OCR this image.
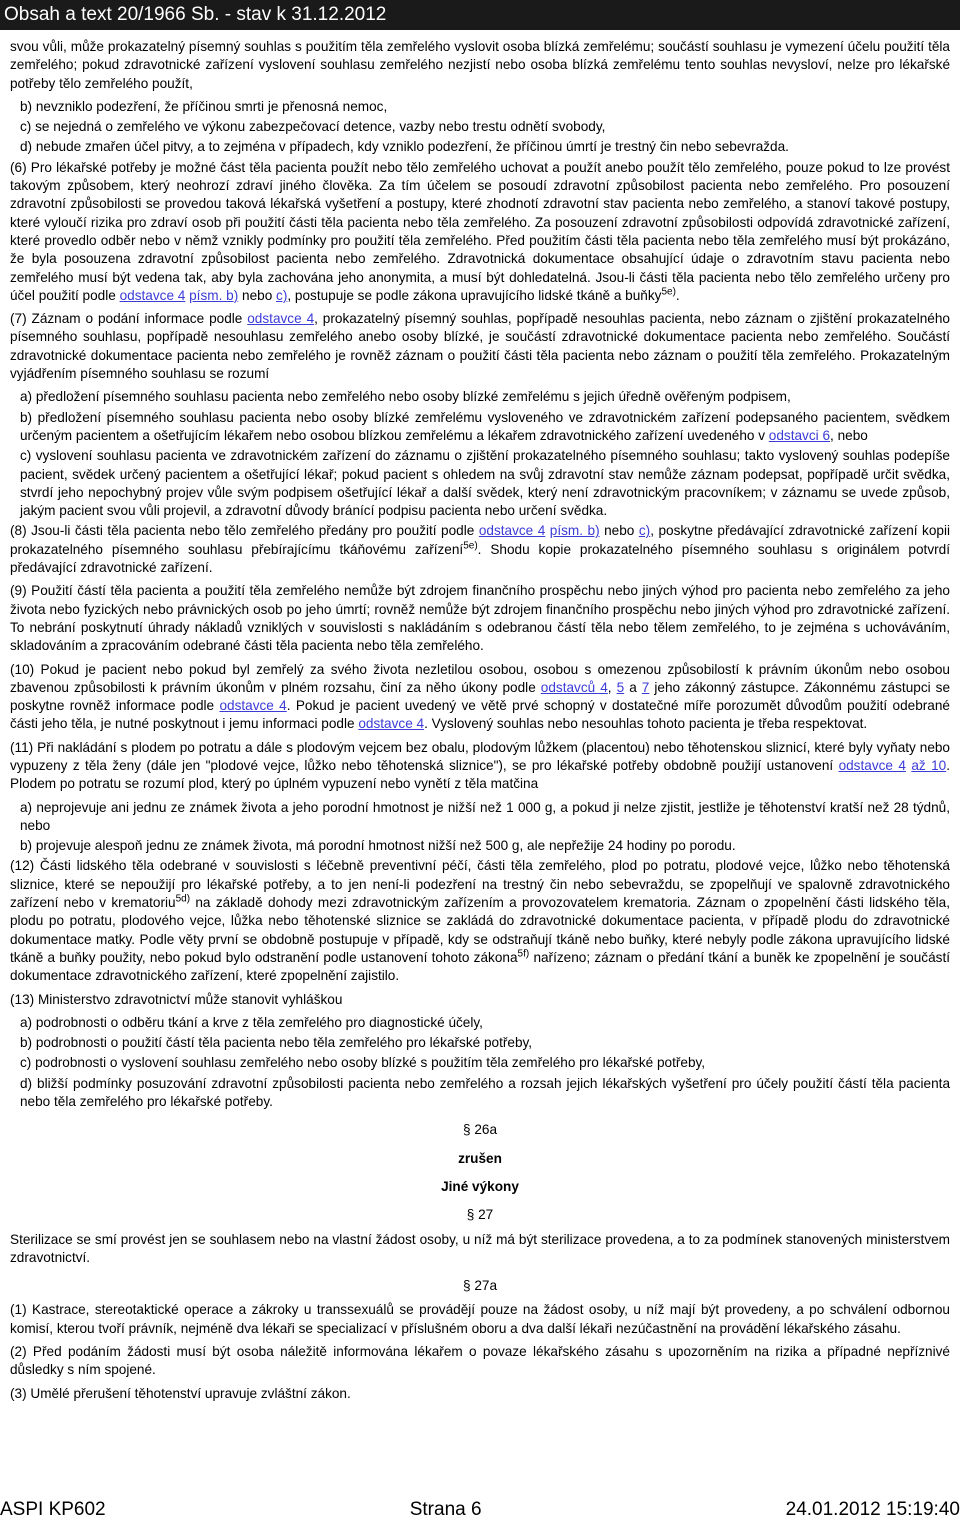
Obsah a text 20/1966 Sb. - stav k 31.12.2012

svou vůli, může prokazatelný písemný souhlas s použitím těla zemřelého vyslovit osoba blízká zemřelému; součástí souhlasu je vymezení účelu použití těla zemřelého; pokud zdravotnické zařízení vyslovení souhlasu zemřelého nezjistí nebo osoba blízká zemřelému tento souhlas nevysloví, nelze pro lékařské potřeby tělo zemřelého použít,

b) nevzniklo podezření, že příčinou smrti je přenosná nemoc,

c) se nejedná o zemřelého ve výkonu zabezpečovací detence, vazby nebo trestu odnětí svobody,

d) nebude zmařen účel pitvy, a to zejména v případech, kdy vzniklo podezření, že příčinou úmrtí je trestný čin nebo sebevražda.

(6) Pro lékařské potřeby je možné část těla pacienta použít nebo tělo zemřelého uchovat a použít anebo použít tělo zemřelého, pouze pokud to lze provést takovým způsobem, který neohrozí zdraví jiného člověka. Za tím účelem se posoudí zdravotní způsobilost pacienta nebo zemřelého. Pro posouzení zdravotní způsobilosti se provedou taková lékařská vyšetření a postupy, které zhodnotí zdravotní stav pacienta nebo zemřelého, a stanoví takové postupy, které vyloučí rizika pro zdraví osob při použití části těla pacienta nebo těla zemřelého. Za posouzení zdravotní způsobilosti odpovídá zdravotnické zařízení, které provedlo odběr nebo v němž vznikly podmínky pro použití těla zemřelého. Před použitím části těla pacienta nebo těla zemřelého musí být prokázáno, že byla posouzena zdravotní způsobilost pacienta nebo zemřelého. Zdravotnická dokumentace obsahující údaje o zdravotním stavu pacienta nebo zemřelého musí být vedena tak, aby byla zachována jeho anonymita, a musí být dohledatelná. Jsou-li části těla pacienta nebo tělo zemřelého určeny pro účel použití podle odstavce 4 písm. b) nebo c), postupuje se podle zákona upravujícího lidské tkáně a buňky$^{5e)}$.

(7) Záznam o podání informace podle odstavce 4, prokazatelný písemný souhlas, popřípadě nesouhlas pacienta, nebo záznam o zjištění prokazatelného písemného souhlasu, popřípadě nesouhlasu zemřelého anebo osoby blízké, je součástí zdravotnické dokumentace pacienta nebo zemřelého. Součástí zdravotnické dokumentace pacienta nebo zemřelého je rovněž záznam o použití části těla pacienta nebo záznam o použití těla zemřelého. Prokazatelným vyjádřením písemného souhlasu se rozumí

a) předložení písemného souhlasu pacienta nebo zemřelého nebo osoby blízké zemřelému s jejich úředně ověřeným podpisem,

b) předložení písemného souhlasu pacienta nebo osoby blízké zemřelému vysloveného ve zdravotnickém zařízení podepsaného pacientem, svědkem určeným pacientem a ošetřujícím lékařem nebo osobou blízkou zemřelému a lékařem zdravotnického zařízení uvedeného v odstavci 6, nebo

c) vyslovení souhlasu pacienta ve zdravotnickém zařízení do záznamu o zjištění prokazatelného písemného souhlasu; takto vyslovený souhlas podepíše pacient, svědek určený pacientem a ošetřující lékař; pokud pacient s ohledem na svůj zdravotní stav nemůže záznam podepsat, popřípadě určit svědka, stvrdí jeho nepochybný projev vůle svým podpisem ošetřující lékař a další svědek, který není zdravotnickým pracovníkem; v záznamu se uvede způsob, jakým pacient svou vůli projevil, a zdravotní důvody bránící podpisu pacienta nebo určení svědka.

(8) Jsou-li části těla pacienta nebo tělo zemřelého předány pro použití podle odstavce 4 písm. b) nebo c), poskytne předávající zdravotnické zařízení kopii prokazatelného písemného souhlasu přebírajícímu tkáňovému zařízení$^{5e)}$. Shodu kopie prokazatelného písemného souhlasu s originálem potvrdí předávající zdravotnické zařízení.

(9) Použití částí těla pacienta a použití těla zemřelého nemůže být zdrojem finančního prospěchu nebo jiných výhod pro pacienta nebo zemřelého za jeho života nebo fyzických nebo právnických osob po jeho úmrtí; rovněž nemůže být zdrojem finančního prospěchu nebo jiných výhod pro zdravotnické zařízení. To nebrání poskytnutí úhrady nákladů vzniklých v souvislosti s nakládáním s odebranou částí těla nebo tělem zemřelého, to je zejména s uchováváním, skladováním a zpracováním odebrané části těla pacienta nebo těla zemřelého.

(10) Pokud je pacient nebo pokud byl zemřelý za svého života nezletilou osobou, osobou s omezenou způsobilostí k právním úkonům nebo osobou zbavenou způsobilosti k právním úkonům v plném rozsahu, činí za něho úkony podle odstavců 4, 5 a 7 jeho zákonný zástupce. Zákonnému zástupci se poskytne rovněž informace podle odstavce 4. Pokud je pacient uvedený ve větě prvé schopný v dostatečné míře porozumět důvodům použití odebrané části jeho těla, je nutné poskytnout i jemu informaci podle odstavce 4. Vyslovený souhlas nebo nesouhlas tohoto pacienta je třeba respektovat.

(11) Při nakládání s plodem po potratu a dále s plodovým vejcem bez obalu, plodovým lůžkem (placentou) nebo těhotenskou sliznicí, které byly vyňaty nebo vypuzeny z těla ženy (dále jen "plodové vejce, lůžko nebo těhotenská sliznice"), se pro lékařské potřeby obdobně použijí ustanovení odstavce 4 až 10. Plodem po potratu se rozumí plod, který po úplném vypuzení nebo vynětí z těla matčina

a) neprojevuje ani jednu ze známek života a jeho porodní hmotnost je nižší než 1 000 g, a pokud ji nelze zjistit, jestliže je těhotenství kratší než 28 týdnů, nebo

b) projevuje alespoň jednu ze známek života, má porodní hmotnost nižší než 500 g, ale nepřežije 24 hodiny po porodu.

(12) Části lidského těla odebrané v souvislosti s léčebně preventivní péčí, části těla zemřelého, plod po potratu, plodové vejce, lůžko nebo těhotenská sliznice, které se nepoužijí pro lékařské potřeby, a to jen není-li podezření na trestný čin nebo sebevraždu, se zpopelňují ve spalovně zdravotnického zařízení nebo v krematoriu$^{5d)}$ na základě dohody mezi zdravotnickým zařízením a provozovatelem krematoria. Záznam o zpopelnění části lidského těla, plodu po potratu, plodového vejce, lůžka nebo těhotenské sliznice se zakládá do zdravotnické dokumentace pacienta, v případě plodu do zdravotnické dokumentace matky. Podle věty první se obdobně postupuje v případě, kdy se odstraňují tkáně nebo buňky, které nebyly podle zákona upravujícího lidské tkáně a buňky použity, nebo pokud bylo odstranění podle ustanovení tohoto zákona$^{5f)}$ nařízeno; záznam o předání tkání a buněk ke zpopelnění je součástí dokumentace zdravotnického zařízení, které zpopelnění zajistilo.

(13) Ministerstvo zdravotnictví může stanovit vyhláškou

a) podrobnosti o odběru tkání a krve z těla zemřelého pro diagnostické účely,

b) podrobnosti o použití částí těla pacienta nebo těla zemřelého pro lékařské potřeby,

c) podrobnosti o vyslovení souhlasu zemřelého nebo osoby blízké s použitím těla zemřelého pro lékařské potřeby,

d) bližší podmínky posuzování zdravotní způsobilosti pacienta nebo zemřelého a rozsah jejich lékařských vyšetření pro účely použití částí těla pacienta nebo těla zemřelého pro lékařské potřeby.

§ 26a

zrušen

Jiné výkony

§ 27

Sterilizace se smí provést jen se souhlasem nebo na vlastní žádost osoby, u níž má být sterilizace provedena, a to za podmínek stanovených ministerstvem zdravotnictví.

§ 27a

(1) Kastrace, stereotaktické operace a zákroky u transsexuálů se provádějí pouze na žádost osoby, u níž mají být provedeny, a po schválení odbornou komisí, kterou tvoří právník, nejméně dva lékaři se specializací v příslušném oboru a dva další lékaři nezúčastnění na provádění lékařského zásahu.

(2) Před podáním žádosti musí být osoba náležitě informována lékařem o povaze lékařského zásahu s upozorněním na rizika a případné nepříznivé důsledky s ním spojené.

(3) Umělé přerušení těhotenství upravuje zvláštní zákon.

ASPI KP602	Strana 6	24.01.2012 15:19:40
